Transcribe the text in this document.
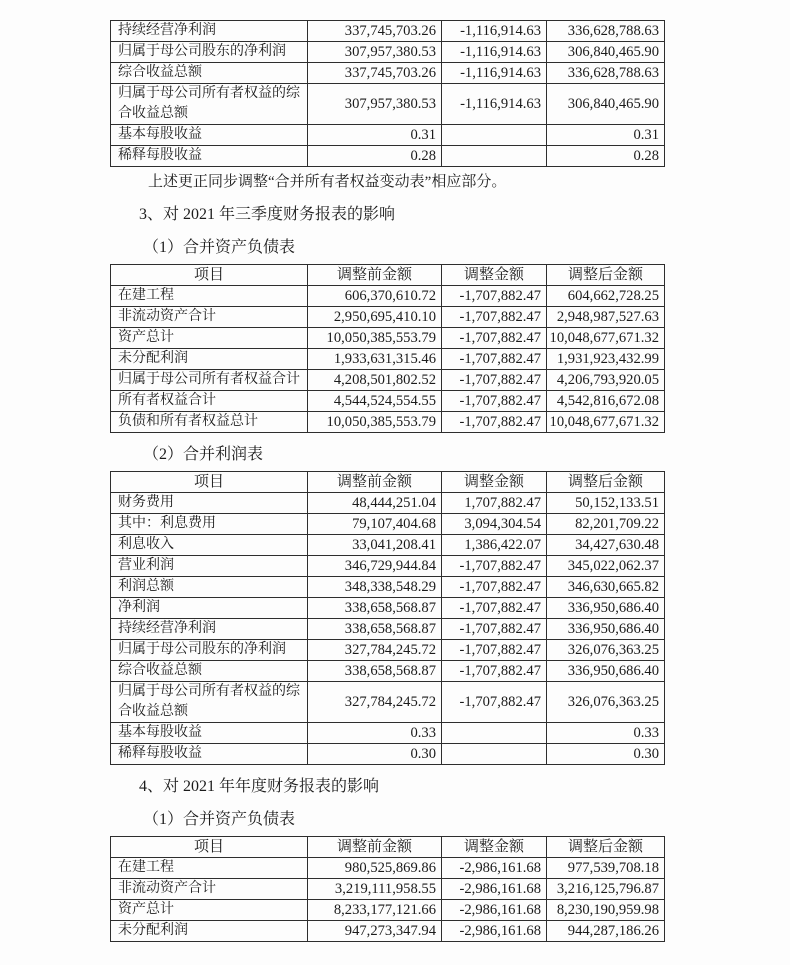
持续经营净利润	337,745,703.26	-1,116,914.63	336,628,788.63
归属于母公司股东的净利润	307,957,380.53	-1,116,914.63	306,840,465.90
综合收益总额	337,745,703.26	-1,116,914.63	336,628,788.63
归属于母公司所有者权益的综合收益总额	307,957,380.53	-1,116,914.63	306,840,465.90
基本每股收益	0.31		0.31
稀释每股收益	0.28		0.28

上述更正同步调整“合并所有者权益变动表”相应部分。

3、对 2021 年三季度财务报表的影响
（1）合并资产负债表
项目	调整前金额	调整金额	调整后金额
在建工程	606,370,610.72	-1,707,882.47	604,662,728.25
非流动资产合计	2,950,695,410.10	-1,707,882.47	2,948,987,527.63
资产总计	10,050,385,553.79	-1,707,882.47	10,048,677,671.32
未分配利润	1,933,631,315.46	-1,707,882.47	1,931,923,432.99
归属于母公司所有者权益合计	4,208,501,802.52	-1,707,882.47	4,206,793,920.05
所有者权益合计	4,544,524,554.55	-1,707,882.47	4,542,816,672.08
负债和所有者权益总计	10,050,385,553.79	-1,707,882.47	10,048,677,671.32
（2）合并利润表
项目	调整前金额	调整金额	调整后金额
财务费用	48,444,251.04	1,707,882.47	50,152,133.51
其中：利息费用	79,107,404.68	3,094,304.54	82,201,709.22
利息收入	33,041,208.41	1,386,422.07	34,427,630.48
营业利润	346,729,944.84	-1,707,882.47	345,022,062.37
利润总额	348,338,548.29	-1,707,882.47	346,630,665.82
净利润	338,658,568.87	-1,707,882.47	336,950,686.40
持续经营净利润	338,658,568.87	-1,707,882.47	336,950,686.40
归属于母公司股东的净利润	327,784,245.72	-1,707,882.47	326,076,363.25
综合收益总额	338,658,568.87	-1,707,882.47	336,950,686.40
归属于母公司所有者权益的综合收益总额	327,784,245.72	-1,707,882.47	326,076,363.25
基本每股收益	0.33		0.33
稀释每股收益	0.30		0.30
4、对 2021 年年度财务报表的影响
（1）合并资产负债表
项目	调整前金额	调整金额	调整后金额
在建工程	980,525,869.86	-2,986,161.68	977,539,708.18
非流动资产合计	3,219,111,958.55	-2,986,161.68	3,216,125,796.87
资产总计	8,233,177,121.66	-2,986,161.68	8,230,190,959.98
未分配利润	947,273,347.94	-2,986,161.68	944,287,186.26
